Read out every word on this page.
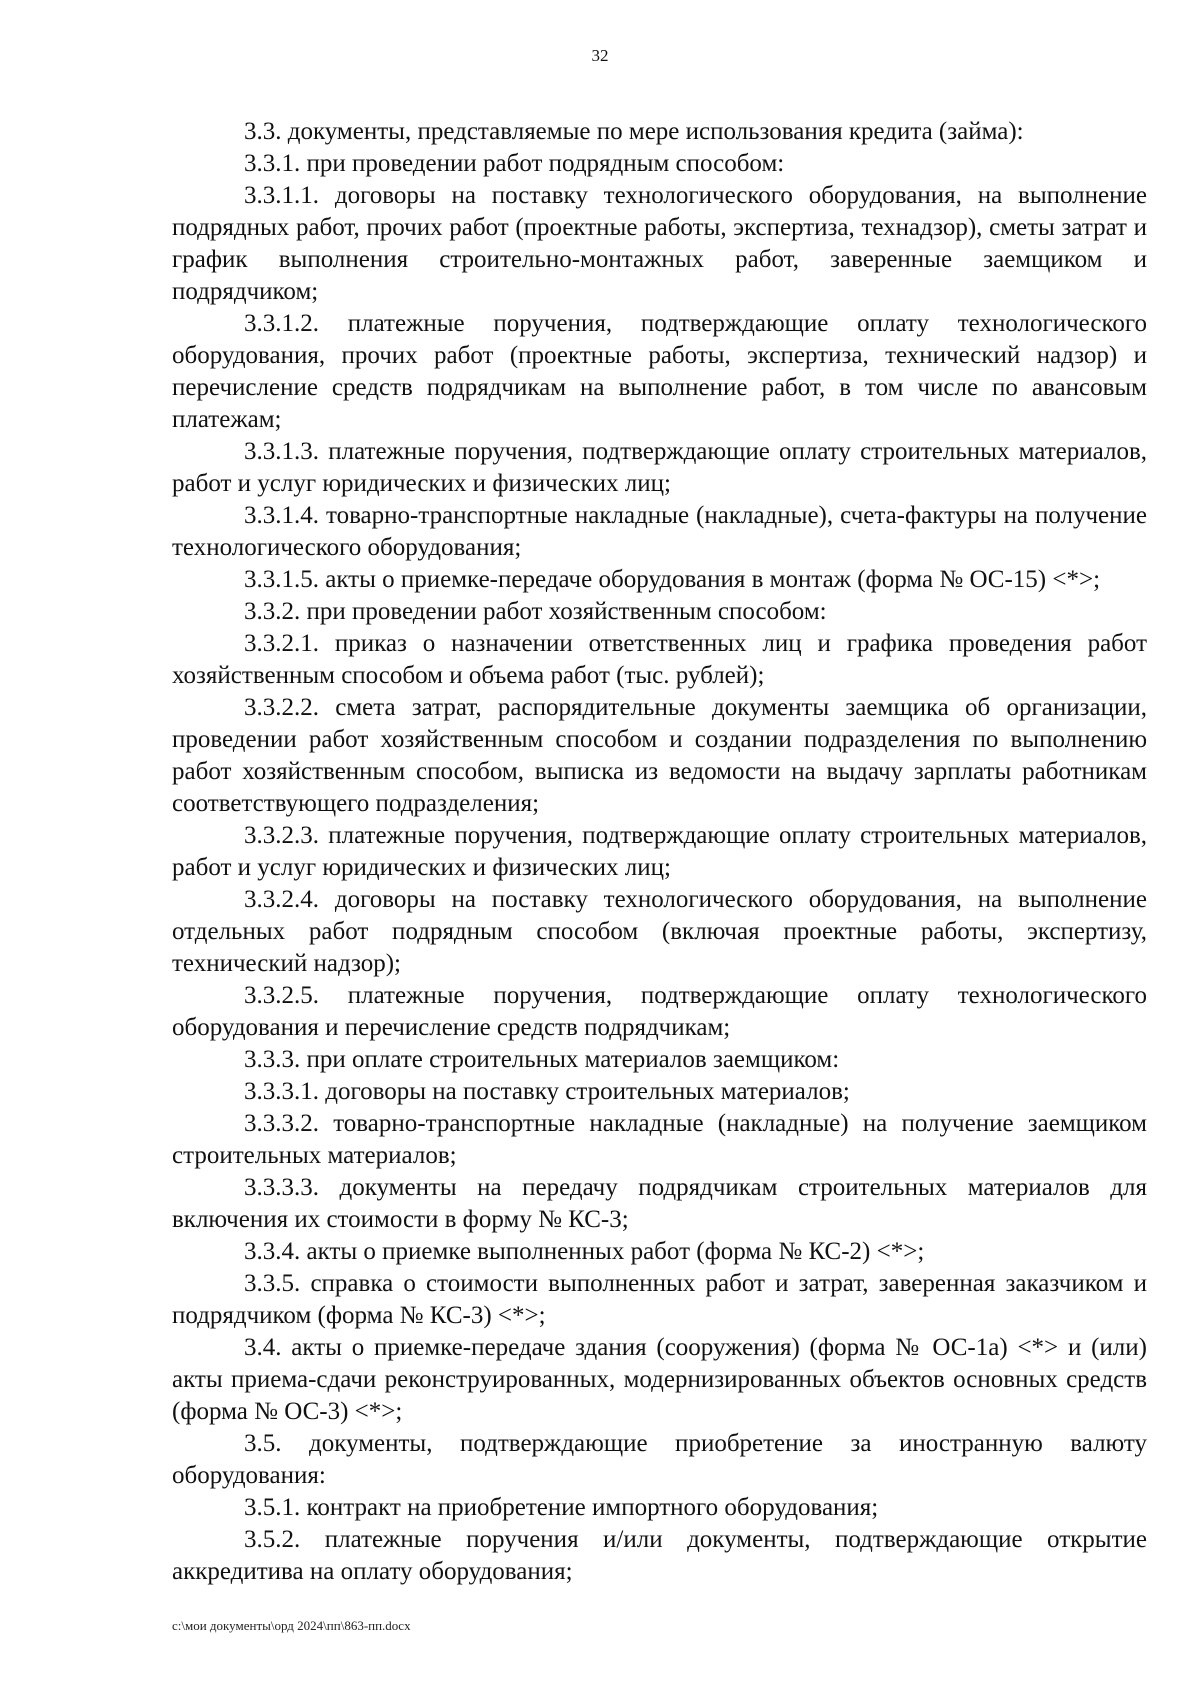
32

3.3. документы, представляемые по мере использования кредита (займа):

3.3.1. при проведении работ подрядным способом:

3.3.1.1. договоры на поставку технологического оборудования, на выполнение подрядных работ, прочих работ (проектные работы, экспертиза, технадзор), сметы затрат и график выполнения строительно-монтажных работ, заверенные заемщиком и подрядчиком;

3.3.1.2. платежные поручения, подтверждающие оплату технологического оборудования, прочих работ (проектные работы, экспертиза, технический надзор) и перечисление средств подрядчикам на выполнение работ, в том числе по авансовым платежам;

3.3.1.3. платежные поручения, подтверждающие оплату строительных материалов, работ и услуг юридических и физических лиц;

3.3.1.4. товарно-транспортные накладные (накладные), счета-фактуры на получение технологического оборудования;

3.3.1.5. акты о приемке-передаче оборудования в монтаж (форма № ОС-15) <*>;

3.3.2. при проведении работ хозяйственным способом:

3.3.2.1. приказ о назначении ответственных лиц и графика проведения работ хозяйственным способом и объема работ (тыс. рублей);

3.3.2.2. смета затрат, распорядительные документы заемщика об организации, проведении работ хозяйственным способом и создании подразделения по выполнению работ хозяйственным способом, выписка из ведомости на выдачу зарплаты работникам соответствующего подразделения;

3.3.2.3. платежные поручения, подтверждающие оплату строительных материалов, работ и услуг юридических и физических лиц;

3.3.2.4. договоры на поставку технологического оборудования, на выполнение отдельных работ подрядным способом (включая проектные работы, экспертизу, технический надзор);

3.3.2.5. платежные поручения, подтверждающие оплату технологического оборудования и перечисление средств подрядчикам;

3.3.3. при оплате строительных материалов заемщиком:

3.3.3.1. договоры на поставку строительных материалов;

3.3.3.2. товарно-транспортные накладные (накладные) на получение заемщиком строительных материалов;

3.3.3.3. документы на передачу подрядчикам строительных материалов для включения их стоимости в форму № КС-3;

3.3.4. акты о приемке выполненных работ (форма № КС-2) <*>;

3.3.5. справка о стоимости выполненных работ и затрат, заверенная заказчиком и подрядчиком (форма № КС-3) <*>;

3.4. акты о приемке-передаче здания (сооружения) (форма № ОС-1а) <*> и (или) акты приема-сдачи реконструированных, модернизированных объектов основных средств (форма № ОС-3) <*>;

3.5. документы, подтверждающие приобретение за иностранную валюту оборудования:

3.5.1. контракт на приобретение импортного оборудования;

3.5.2. платежные поручения и/или документы, подтверждающие открытие аккредитива на оплату оборудования;

c:\мои документы\орд 2024\пп\863-пп.docx
